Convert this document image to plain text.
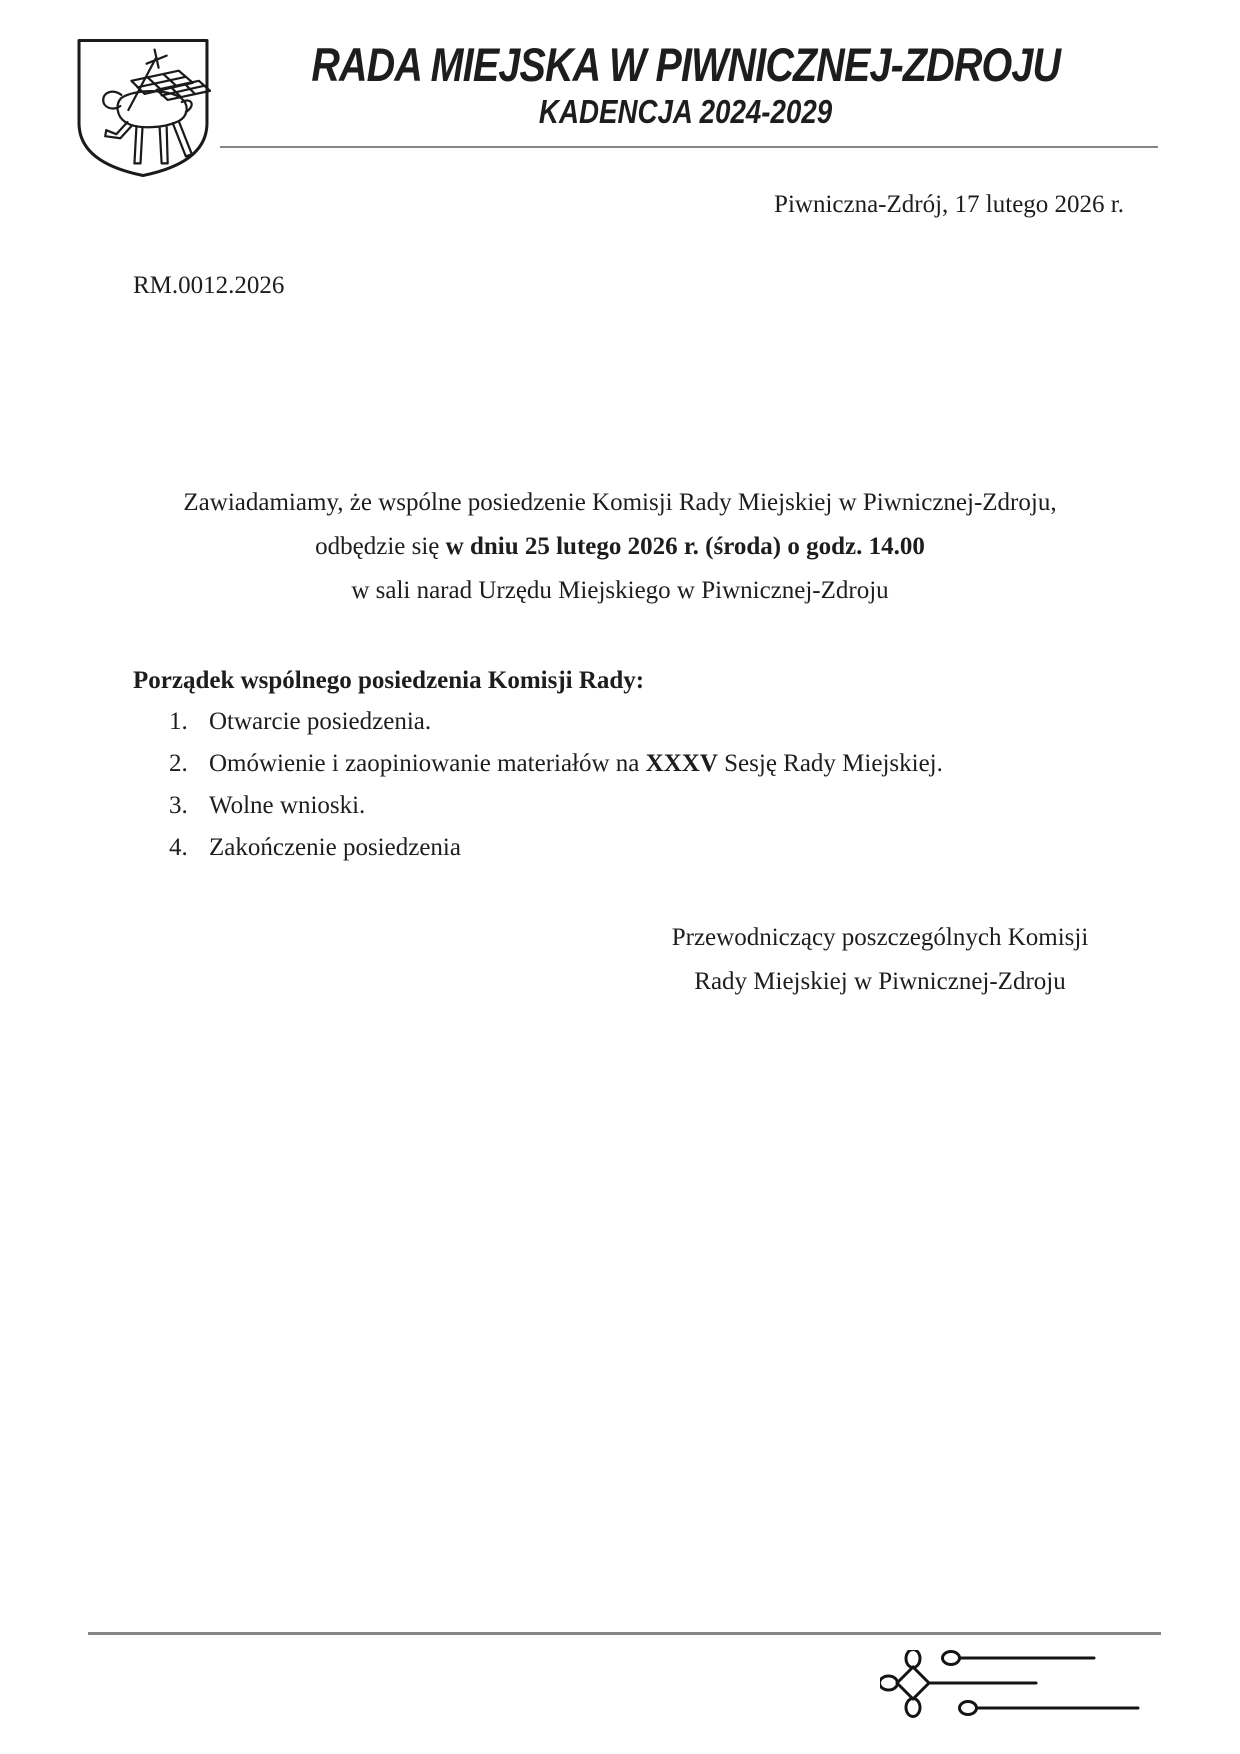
RADA MIEJSKA W PIWNICZNEJ-ZDROJU
KADENCJA 2024-2029
Piwniczna-Zdrój, 17 lutego 2026 r.
RM.0012.2026
Zawiadamiamy, że wspólne posiedzenie Komisji Rady Miejskiej w Piwnicznej-Zdroju,
odbędzie się w dniu 25 lutego 2026 r. (środa) o godz. 14.00
w sali narad Urzędu Miejskiego w Piwnicznej-Zdroju
Porządek wspólnego posiedzenia Komisji Rady:
1. Otwarcie posiedzenia.
2. Omówienie i zaopiniowanie materiałów na XXXV Sesję Rady Miejskiej.
3. Wolne wnioski.
4. Zakończenie posiedzenia
Przewodniczący poszczególnych Komisji
Rady Miejskiej w Piwnicznej-Zdroju
